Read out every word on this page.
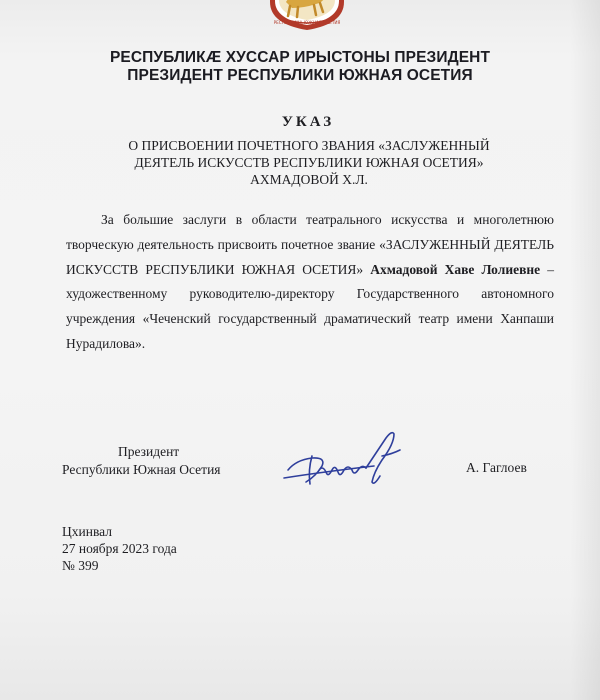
РЕСПУБЛИКА ЮЖНАЯ ОСЕТИЯ
РЕСПУБЛИКÆ ХУССАР ИРЫСТОНЫ ПРЕЗИДЕНТ
ПРЕЗИДЕНТ РЕСПУБЛИКИ ЮЖНАЯ ОСЕТИЯ
УКАЗ
О ПРИСВОЕНИИ ПОЧЕТНОГО ЗВАНИЯ «ЗАСЛУЖЕННЫЙ
ДЕЯТЕЛЬ ИСКУССТВ РЕСПУБЛИКИ ЮЖНАЯ ОСЕТИЯ»
АХМАДОВОЙ Х.Л.
За большие заслуги в области театрального искусства и многолетнюю творческую деятельность присвоить почетное звание «ЗАСЛУЖЕННЫЙ ДЕЯТЕЛЬ ИСКУССТВ РЕСПУБЛИКИ ЮЖНАЯ ОСЕТИЯ» Ахмадовой Хаве Лолиевне – художественному руководителю-директору Государственного автономного учреждения «Чеченский государственный драматический театр имени Ханпаши Нурадилова».
Президент
Республики Южная Осетия	А. Гаглоев
Цхинвал
27 ноября 2023 года
№ 399
